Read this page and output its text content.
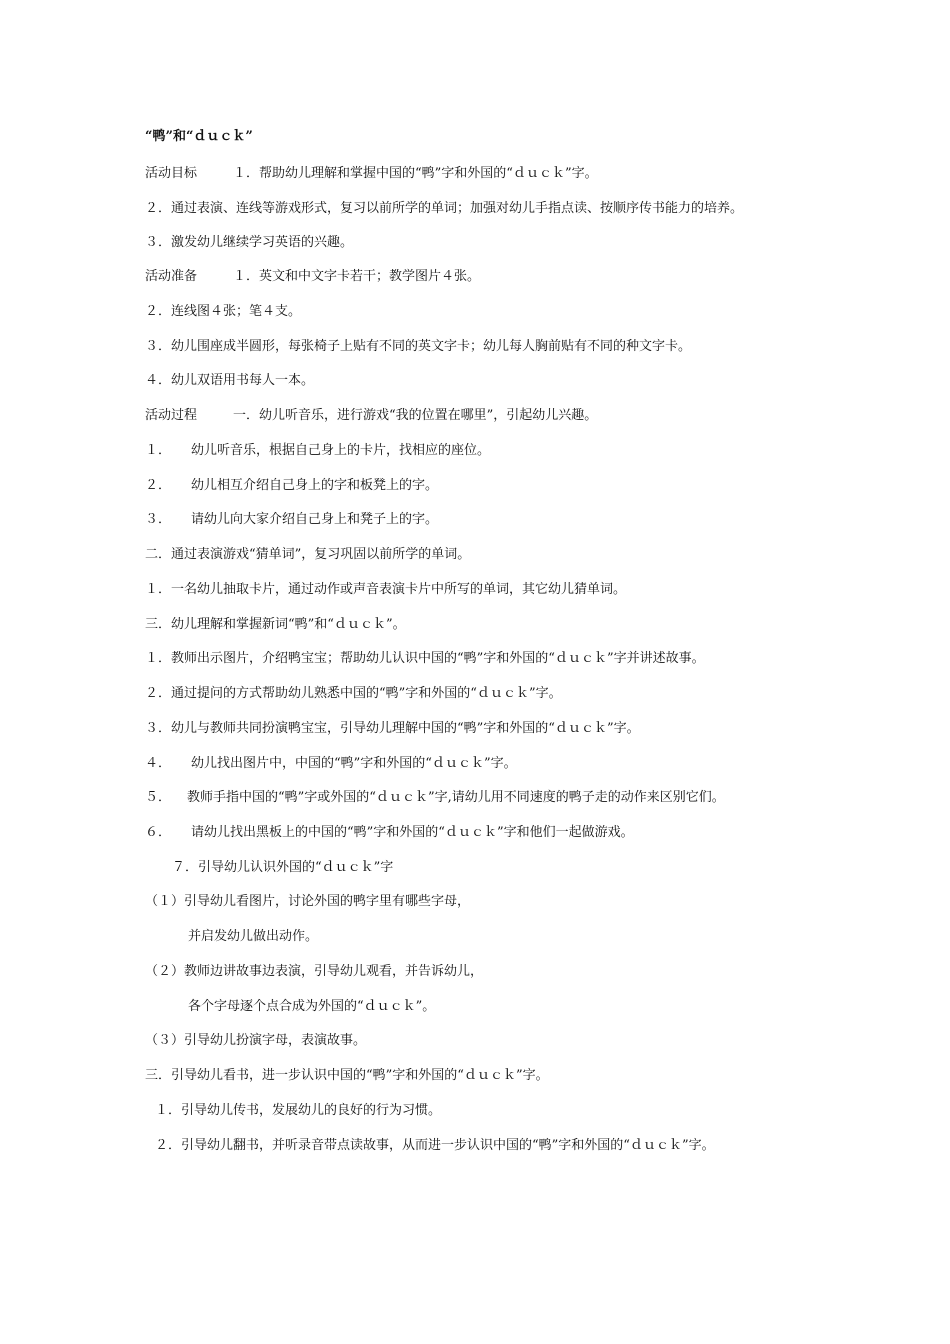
“鸭”和“ｄｕｃｋ”
活动目标	１．帮助幼儿理解和掌握中国的“鸭”字和外国的“ｄｕｃｋ”字。
２．通过表演、连线等游戏形式，复习以前所学的单词；加强对幼儿手指点读、按顺序传书能力的培养。
３．激发幼儿继续学习英语的兴趣。
活动准备	１．英文和中文字卡若干；教学图片４张。
２．连线图４张；笔４支。
３．幼儿围座成半圆形，每张椅子上贴有不同的英文字卡；幼儿每人胸前贴有不同的种文字卡。
４．幼儿双语用书每人一本。
活动过程	一．幼儿听音乐，进行游戏“我的位置在哪里”，引起幼儿兴趣。
１． 幼儿听音乐，根据自己身上的卡片，找相应的座位。
２． 幼儿相互介绍自己身上的字和板凳上的字。
３． 请幼儿向大家介绍自己身上和凳子上的字。
二．通过表演游戏“猜单词”，复习巩固以前所学的单词。
１．一名幼儿抽取卡片，通过动作或声音表演卡片中所写的单词，其它幼儿猜单词。
三．幼儿理解和掌握新词“鸭”和“ｄｕｃｋ”。
１．教师出示图片，介绍鸭宝宝；帮助幼儿认识中国的“鸭”字和外国的“ｄｕｃｋ”字并讲述故事。
２．通过提问的方式帮助幼儿熟悉中国的“鸭”字和外国的“ｄｕｃｋ”字。
３．幼儿与教师共同扮演鸭宝宝，引导幼儿理解中国的“鸭”字和外国的“ｄｕｃｋ”字。
４． 幼儿找出图片中，中国的“鸭”字和外国的“ｄｕｃｋ”字。
５． 教师手指中国的“鸭”字或外国的“ｄｕｃｋ”字,请幼儿用不同速度的鸭子走的动作来区别它们。
６． 请幼儿找出黑板上的中国的“鸭”字和外国的“ｄｕｃｋ”字和他们一起做游戏。
７．引导幼儿认识外国的“ｄｕｃｋ”字
（１）引导幼儿看图片，讨论外国的鸭字里有哪些字母，
并启发幼儿做出动作。
（２）教师边讲故事边表演，引导幼儿观看，并告诉幼儿，
各个字母逐个点合成为外国的“ｄｕｃｋ”。
（３）引导幼儿扮演字母，表演故事。
三．引导幼儿看书，进一步认识中国的“鸭”字和外国的“ｄｕｃｋ”字。
１．引导幼儿传书，发展幼儿的良好的行为习惯。
２．引导幼儿翻书，并听录音带点读故事，从而进一步认识中国的“鸭”字和外国的“ｄｕｃｋ”字。
